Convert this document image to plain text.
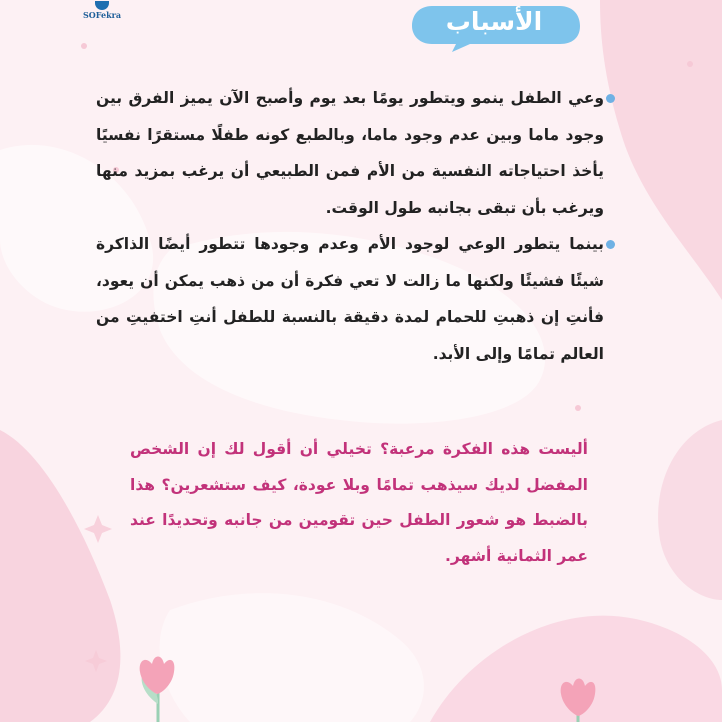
SOFekra	الأسباب

وعي الطفل ينمو ويتطور يومًا بعد يوم وأصبح الآن يميز الفرق بين وجود ماما وبين عدم وجود ماما، وبالطبع كونه طفلًا مستقرًا نفسيًا يأخذ احتياجاته النفسية من الأم فمن الطبيعي أن يرغب بمزيد منها ويرغب بأن تبقى بجانبه طول الوقت.

بينما يتطور الوعي لوجود الأم وعدم وجودها تتطور أيضًا الذاكرة شيئًا فشيئًا ولكنها ما زالت لا تعي فكرة أن من ذهب يمكن أن يعود، فأنتِ إن ذهبتِ للحمام لمدة دقيقة بالنسبة للطفل أنتِ اختفيتِ من العالم تمامًا وإلى الأبد.

أليست هذه الفكرة مرعبة؟ تخيلي أن أقول لك إن الشخص المفضل لديك سيذهب تمامًا وبلا عودة، كيف ستشعرين؟ هذا بالضبط هو شعور الطفل حين تقومين من جانبه وتحديدًا عند عمر الثمانية أشهر.
